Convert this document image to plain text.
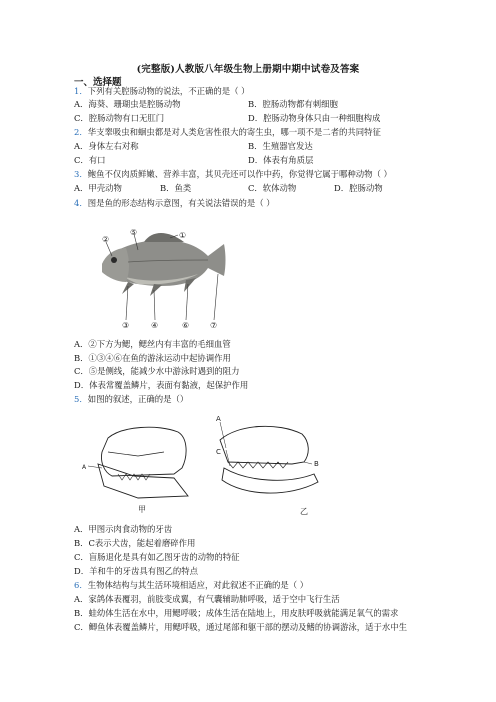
(完整版)人教版八年级生物上册期中期中试卷及答案
一、选择题
1．下列有关腔肠动物的说法，不正确的是（ ）
A．海葵、珊瑚虫是腔肠动物	B．腔肠动物都有刺细胞
C．腔肠动物有口无肛门	D．腔肠动物身体只由一种细胞构成
2．华支睾吸虫和蛔虫都是对人类危害性很大的寄生虫，哪一项不是二者的共同特征
A．身体左右对称	B．生殖器官发达
C．有口	D．体表有角质层
3．鲍鱼不仅肉质鲜嫩、营养丰富，其贝壳还可以作中药，你觉得它属于哪种动物（ ）
A．甲壳动物	B．鱼类	C．软体动物	D．腔肠动物
4．图是鱼的形态结构示意图，有关说法错误的是（ ）
②
⑤	①
③	④	⑥	⑦
A．②下方为鳃，鳃丝内有丰富的毛细血管
B．①③④⑥在鱼的游泳运动中起协调作用
C．⑤是侧线，能减少水中游泳时遇到的阻力
D．体表常覆盖鳞片，表面有黏液，起保护作用
5．如图的叙述，正确的是（）
A
甲
A
C
B
乙
A．甲图示肉食动物的牙齿
B．C表示犬齿，能起着磨碎作用
C．盲肠退化是具有如乙图牙齿的动物的特征
D．羊和牛的牙齿具有图乙的特点
6．生物体结构与其生活环境相适应，对此叙述不正确的是（ ）
A．家鸽体表覆羽，前肢变成翼，有气囊辅助肺呼吸，适于空中飞行生活
B．蛙幼体生活在水中，用鳃呼吸；成体生活在陆地上，用皮肤呼吸就能满足氧气的需求
C．鲫鱼体表覆盖鳞片，用鳃呼吸，通过尾部和躯干部的摆动及鳍的协调游泳，适于水中生
